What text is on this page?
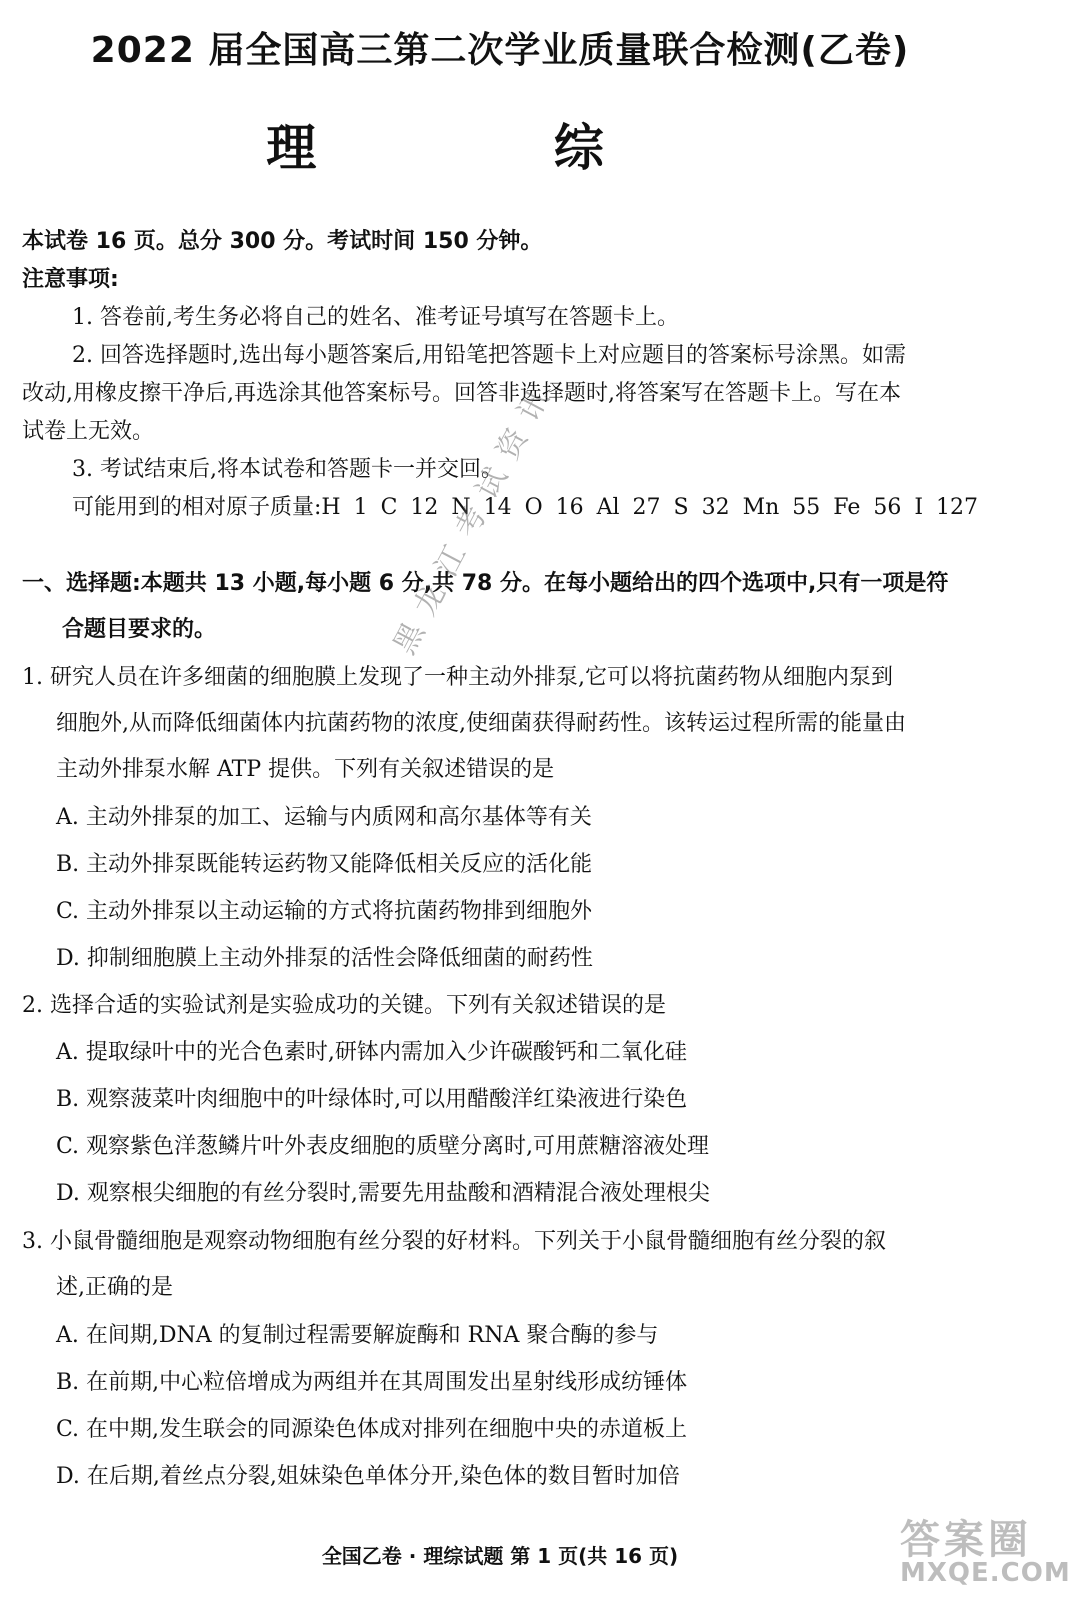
2022 届全国高三第二次学业质量联合检测(乙卷)
理 综
本试卷 16 页。总分 300 分。考试时间 150 分钟。
注意事项:
1. 答卷前,考生务必将自己的姓名、准考证号填写在答题卡上。
2. 回答选择题时,选出每小题答案后,用铅笔把答题卡上对应题目的答案标号涂黑。如需
改动,用橡皮擦干净后,再选涂其他答案标号。回答非选择题时,将答案写在答题卡上。写在本
试卷上无效。
3. 考试结束后,将本试卷和答题卡一并交回。
可能用到的相对原子质量:H 1 C 12 N 14 O 16 Al 27 S 32 Mn 55 Fe 56 I 127
一、选择题:本题共 13 小题,每小题 6 分,共 78 分。在每小题给出的四个选项中,只有一项是符
合题目要求的。
1. 研究人员在许多细菌的细胞膜上发现了一种主动外排泵,它可以将抗菌药物从细胞内泵到
细胞外,从而降低细菌体内抗菌药物的浓度,使细菌获得耐药性。该转运过程所需的能量由
主动外排泵水解 ATP 提供。下列有关叙述错误的是
A. 主动外排泵的加工、运输与内质网和高尔基体等有关
B. 主动外排泵既能转运药物又能降低相关反应的活化能
C. 主动外排泵以主动运输的方式将抗菌药物排到细胞外
D. 抑制细胞膜上主动外排泵的活性会降低细菌的耐药性
2. 选择合适的实验试剂是实验成功的关键。下列有关叙述错误的是
A. 提取绿叶中的光合色素时,研钵内需加入少许碳酸钙和二氧化硅
B. 观察菠菜叶肉细胞中的叶绿体时,可以用醋酸洋红染液进行染色
C. 观察紫色洋葱鳞片叶外表皮细胞的质壁分离时,可用蔗糖溶液处理
D. 观察根尖细胞的有丝分裂时,需要先用盐酸和酒精混合液处理根尖
3. 小鼠骨髓细胞是观察动物细胞有丝分裂的好材料。下列关于小鼠骨髓细胞有丝分裂的叙
述,正确的是
A. 在间期,DNA 的复制过程需要解旋酶和 RNA 聚合酶的参与
B. 在前期,中心粒倍增成为两组并在其周围发出星射线形成纺锤体
C. 在中期,发生联会的同源染色体成对排列在细胞中央的赤道板上
D. 在后期,着丝点分裂,姐妹染色单体分开,染色体的数目暂时加倍
黑龙江考试资讯
全国乙卷 · 理综试题 第 1 页(共 16 页)	答案圈
MXQE.COM
